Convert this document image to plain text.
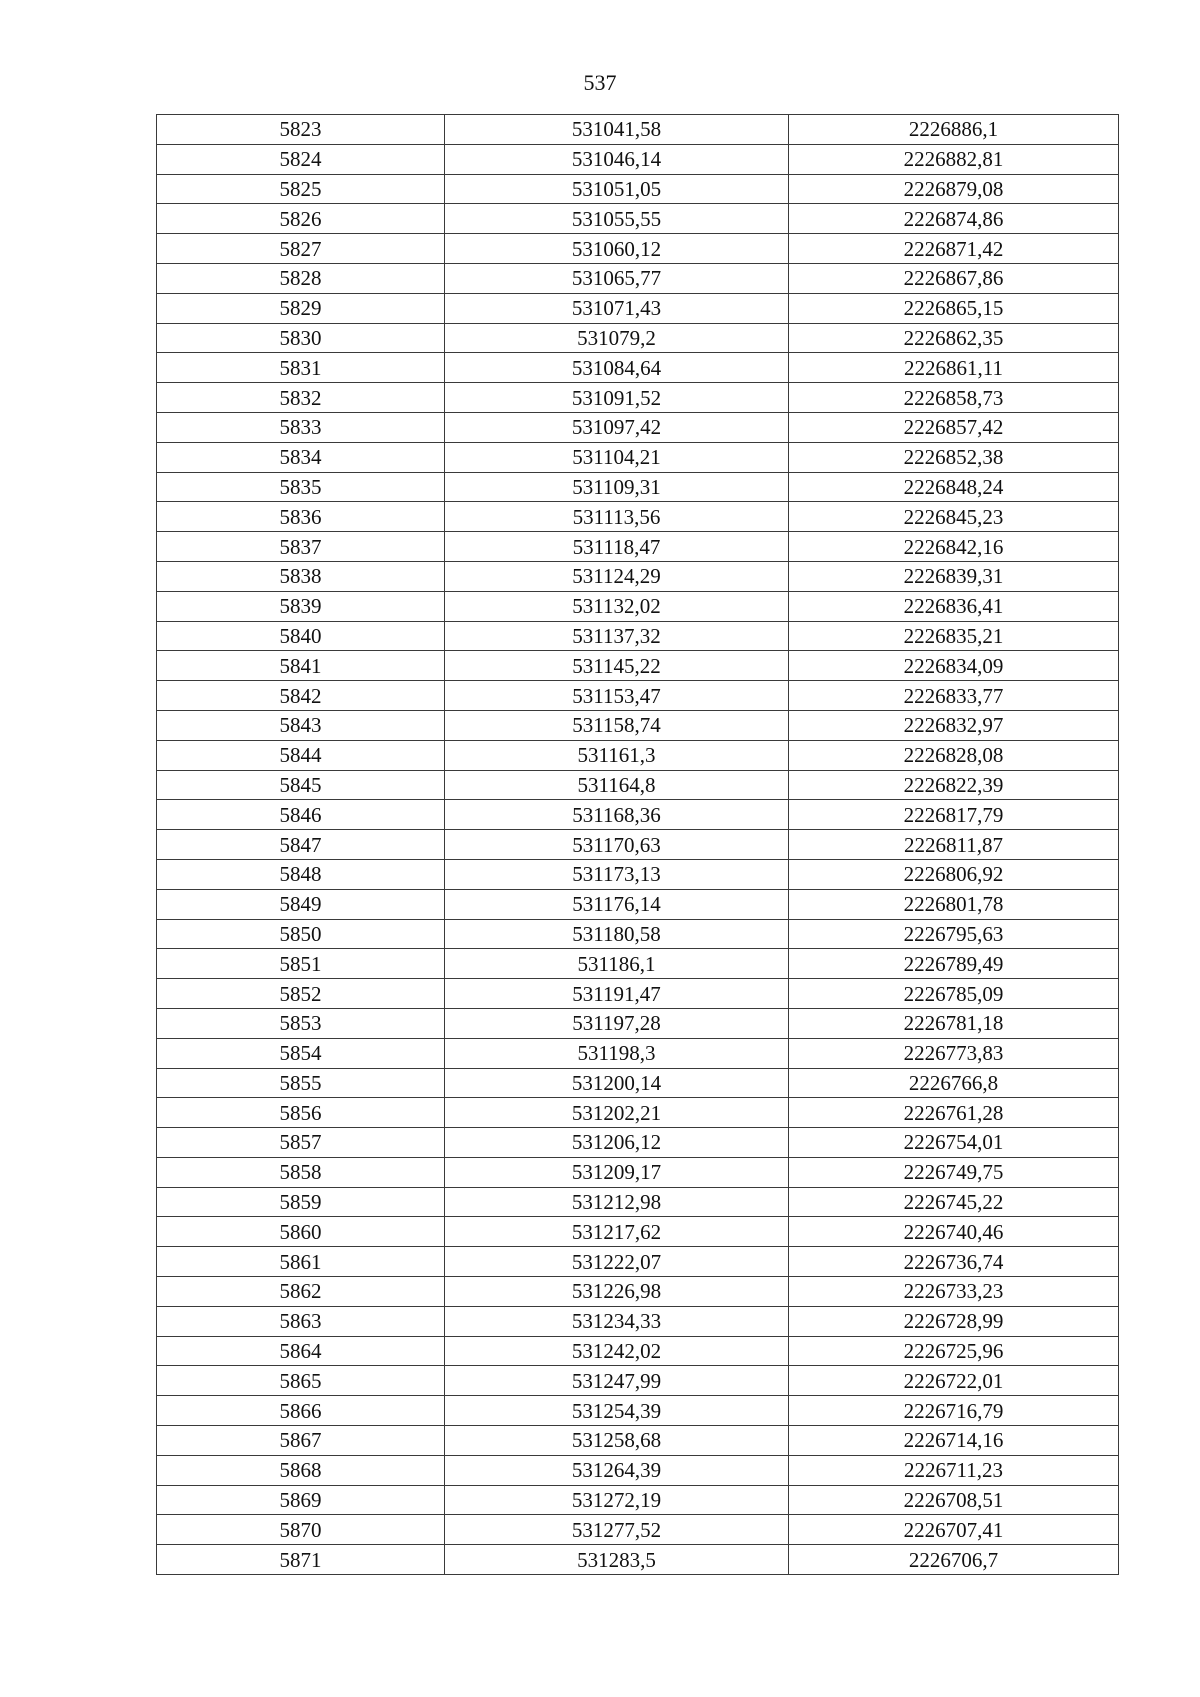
537
5823	531041,58	2226886,1
5824	531046,14	2226882,81
5825	531051,05	2226879,08
5826	531055,55	2226874,86
5827	531060,12	2226871,42
5828	531065,77	2226867,86
5829	531071,43	2226865,15
5830	531079,2	2226862,35
5831	531084,64	2226861,11
5832	531091,52	2226858,73
5833	531097,42	2226857,42
5834	531104,21	2226852,38
5835	531109,31	2226848,24
5836	531113,56	2226845,23
5837	531118,47	2226842,16
5838	531124,29	2226839,31
5839	531132,02	2226836,41
5840	531137,32	2226835,21
5841	531145,22	2226834,09
5842	531153,47	2226833,77
5843	531158,74	2226832,97
5844	531161,3	2226828,08
5845	531164,8	2226822,39
5846	531168,36	2226817,79
5847	531170,63	2226811,87
5848	531173,13	2226806,92
5849	531176,14	2226801,78
5850	531180,58	2226795,63
5851	531186,1	2226789,49
5852	531191,47	2226785,09
5853	531197,28	2226781,18
5854	531198,3	2226773,83
5855	531200,14	2226766,8
5856	531202,21	2226761,28
5857	531206,12	2226754,01
5858	531209,17	2226749,75
5859	531212,98	2226745,22
5860	531217,62	2226740,46
5861	531222,07	2226736,74
5862	531226,98	2226733,23
5863	531234,33	2226728,99
5864	531242,02	2226725,96
5865	531247,99	2226722,01
5866	531254,39	2226716,79
5867	531258,68	2226714,16
5868	531264,39	2226711,23
5869	531272,19	2226708,51
5870	531277,52	2226707,41
5871	531283,5	2226706,7
